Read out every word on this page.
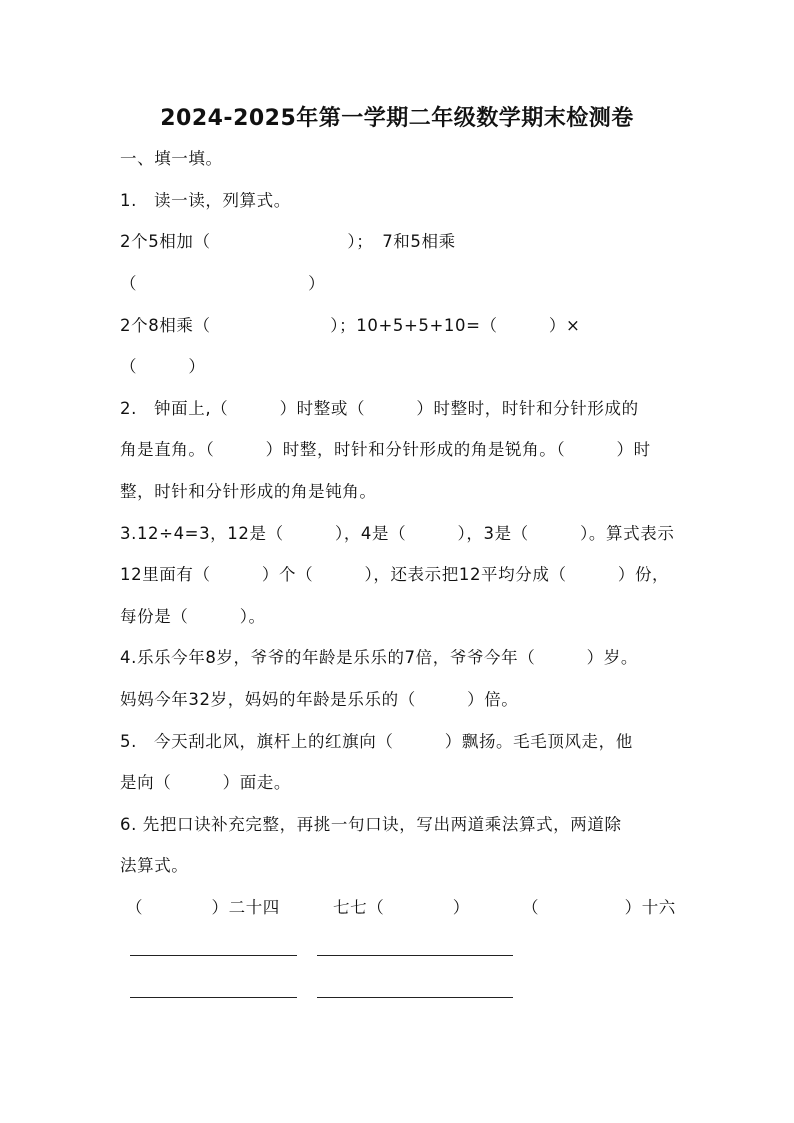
2024-2025年第一学期二年级数学期末检测卷
一、填一填。
1.　读一读，列算式。
2个5相加（　　　　　　　　）；　7和5相乘
（　　　　　　　　　　）
2个8相乘（　　　　　　　）；10+5+5+10=（　　　）×
（　　　）
2.　钟面上,（　　　）时整或（　　　）时整时，时针和分针形成的
角是直角。（　　　）时整，时针和分针形成的角是锐角。（　　　）时
整，时针和分针形成的角是钝角。
3.12÷4=3，12是（　　　），4是（　　　），3是（　　　）。算式表示
12里面有（　　　）个（　　　），还表示把12平均分成（　　　）份，
每份是（　　　）。
4.乐乐今年8岁，爷爷的年龄是乐乐的7倍，爷爷今年（　　　）岁。
妈妈今年32岁，妈妈的年龄是乐乐的（　　　）倍。
5.　今天刮北风，旗杆上的红旗向（　　　）飘扬。毛毛顶风走，他
是向（　　　）面走。
6. 先把口诀补充完整，再挑一句口诀，写出两道乘法算式，两道除
法算式。
（　　　　）二十四	七七（　　　　）	（　　　　　）十六
